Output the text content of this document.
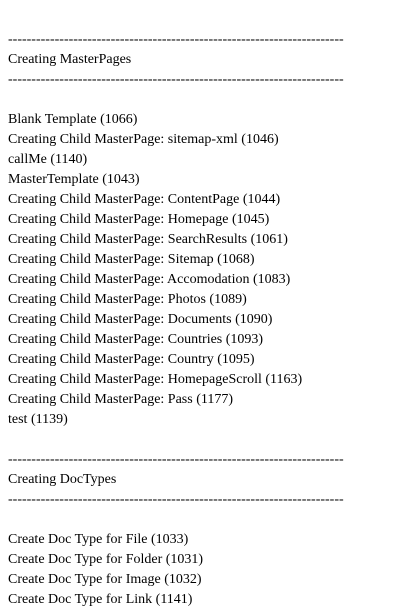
------------------------------------------------------------------------
Creating MasterPages
------------------------------------------------------------------------
Blank Template (1066)
Creating Child MasterPage: sitemap-xml (1046)
callMe (1140)
MasterTemplate (1043)
Creating Child MasterPage: ContentPage (1044)
Creating Child MasterPage: Homepage (1045)
Creating Child MasterPage: SearchResults (1061)
Creating Child MasterPage: Sitemap (1068)
Creating Child MasterPage: Accomodation (1083)
Creating Child MasterPage: Photos (1089)
Creating Child MasterPage: Documents (1090)
Creating Child MasterPage: Countries (1093)
Creating Child MasterPage: Country (1095)
Creating Child MasterPage: HomepageScroll (1163)
Creating Child MasterPage: Pass (1177)
test (1139)
------------------------------------------------------------------------
Creating DocTypes
------------------------------------------------------------------------
Create Doc Type for File (1033)
Create Doc Type for Folder (1031)
Create Doc Type for Image (1032)
Create Doc Type for Link (1141)
